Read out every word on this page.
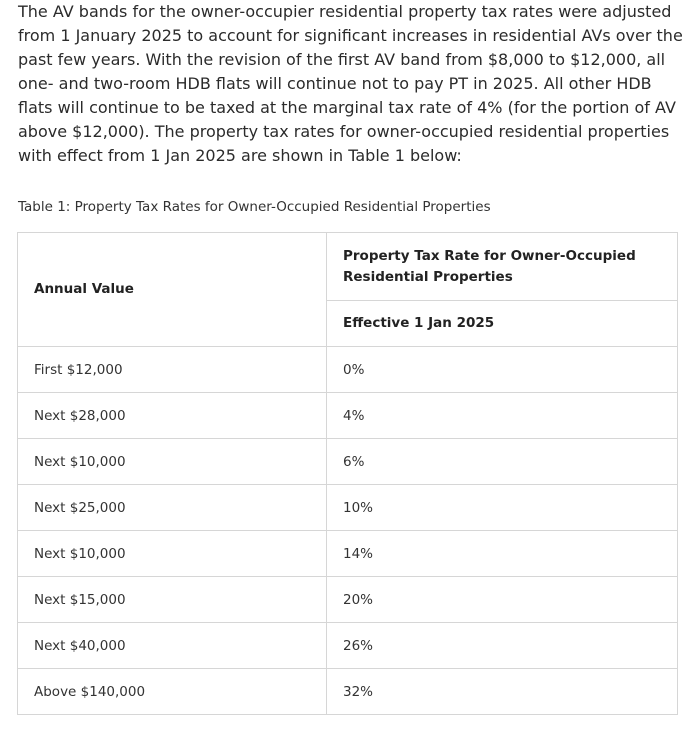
The AV bands for the owner-occupier residential property tax rates were adjusted from 1 January 2025 to account for significant increases in residential AVs over the past few years. With the revision of the first AV band from $8,000 to $12,000, all one- and two-room HDB flats will continue not to pay PT in 2025. All other HDB flats will continue to be taxed at the marginal tax rate of 4% (for the portion of AV above $12,000). The property tax rates for owner-occupied residential properties with effect from 1 Jan 2025 are shown in Table 1 below:

Table 1: Property Tax Rates for Owner-Occupied Residential Properties

Annual Value	Property Tax Rate for Owner-Occupied Residential Properties
	Effective 1 Jan 2025
First $12,000	0%
Next $28,000	4%
Next $10,000	6%
Next $25,000	10%
Next $10,000	14%
Next $15,000	20%
Next $40,000	26%
Above $140,000	32%
